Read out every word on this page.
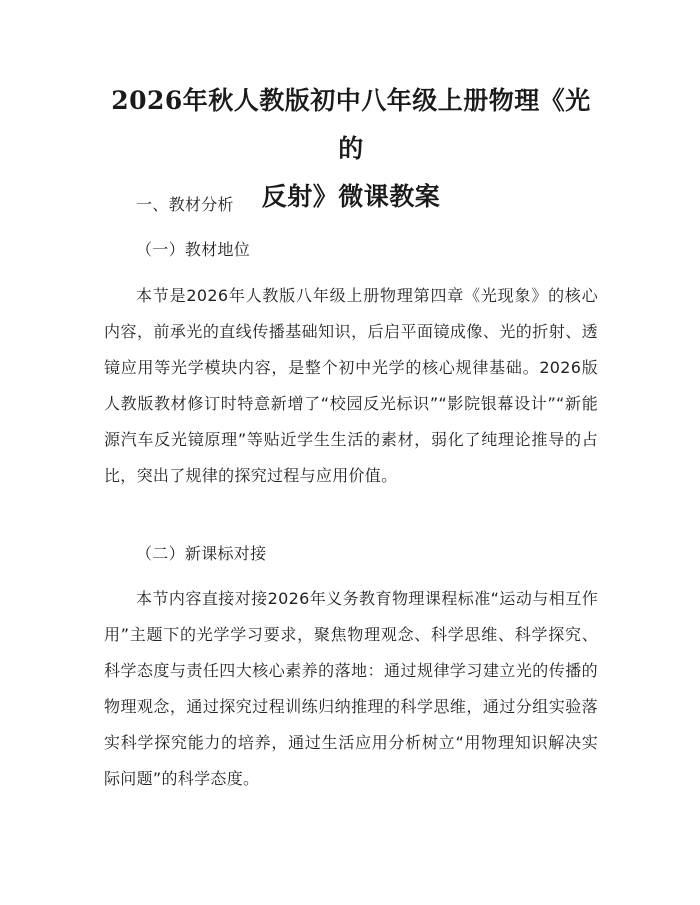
2026年秋人教版初中八年级上册物理《光的
反射》微课教案
一、教材分析
（一）教材地位

本节是2026年人教版八年级上册物理第四章《光现象》的核心内容，前承光的直线传播基础知识，后启平面镜成像、光的折射、透镜应用等光学模块内容，是整个初中光学的核心规律基础。2026版人教版教材修订时特意新增了“校园反光标识”“影院银幕设计”“新能源汽车反光镜原理”等贴近学生生活的素材，弱化了纯理论推导的占比，突出了规律的探究过程与应用价值。

（二）新课标对接

本节内容直接对接2026年义务教育物理课程标准“运动与相互作用”主题下的光学学习要求，聚焦物理观念、科学思维、科学探究、科学态度与责任四大核心素养的落地：通过规律学习建立光的传播的物理观念，通过探究过程训练归纳推理的科学思维，通过分组实验落实科学探究能力的培养，通过生活应用分析树立“用物理知识解决实际问题”的科学态度。
